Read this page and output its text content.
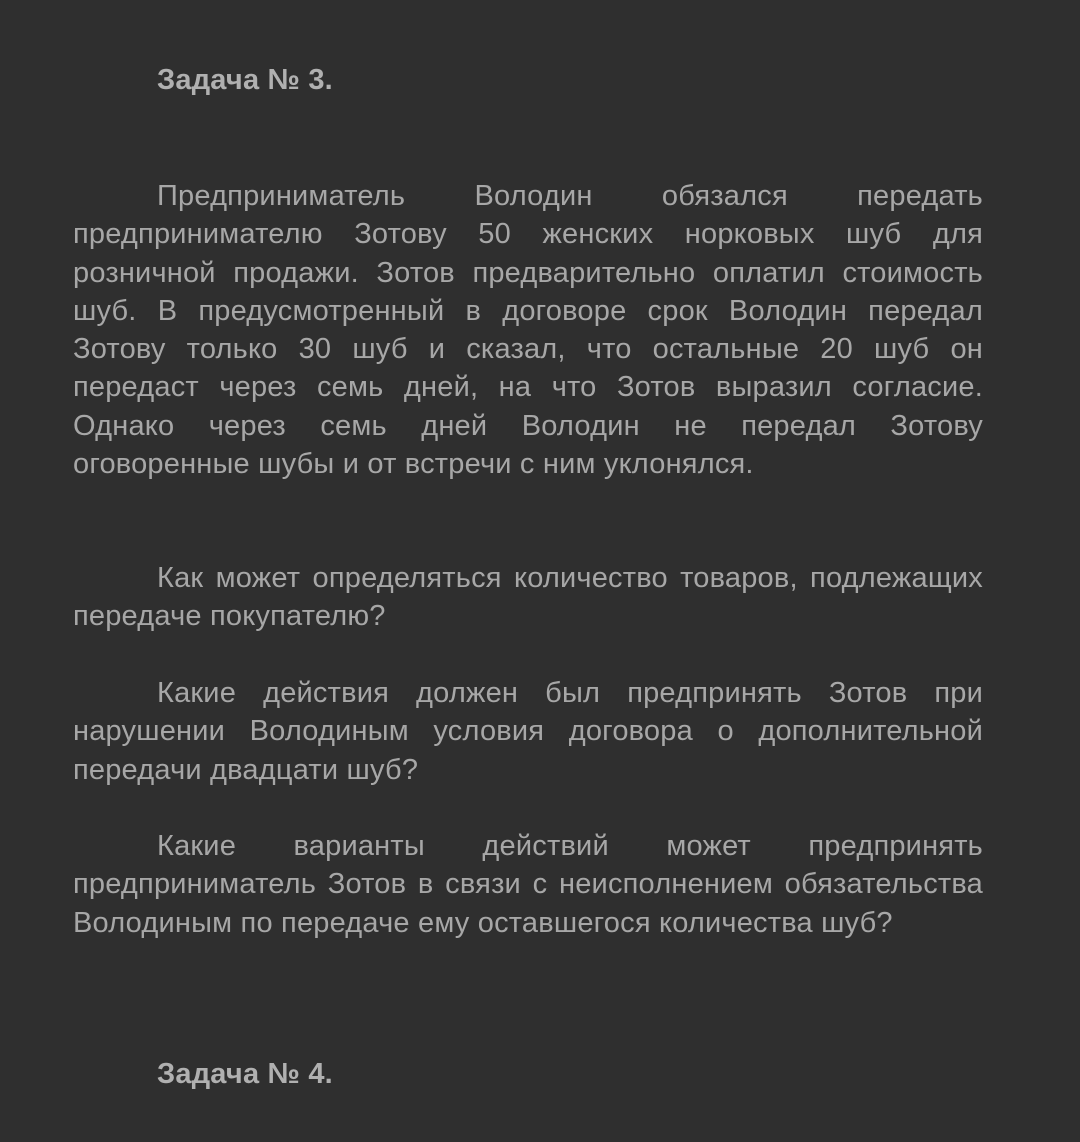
Задача № 3.

Предприниматель Володин обязался передать предпринимателю Зотову 50 женских норковых шуб для розничной продажи. Зотов предварительно оплатил стоимость шуб. В предусмотренный в договоре срок Володин передал Зотову только 30 шуб и сказал, что остальные 20 шуб он передаст через семь дней, на что Зотов выразил согласие. Однако через семь дней Володин не передал Зотову оговоренные шубы и от встречи с ним уклонялся.

Как может определяться количество товаров, подлежащих передаче покупателю?

Какие действия должен был предпринять Зотов при нарушении Володиным условия договора о дополнительной передачи двадцати шуб?

Какие варианты действий может предпринять предприниматель Зотов в связи с неисполнением обязательства Володиным по передаче ему оставшегося количества шуб?

Задача № 4.
